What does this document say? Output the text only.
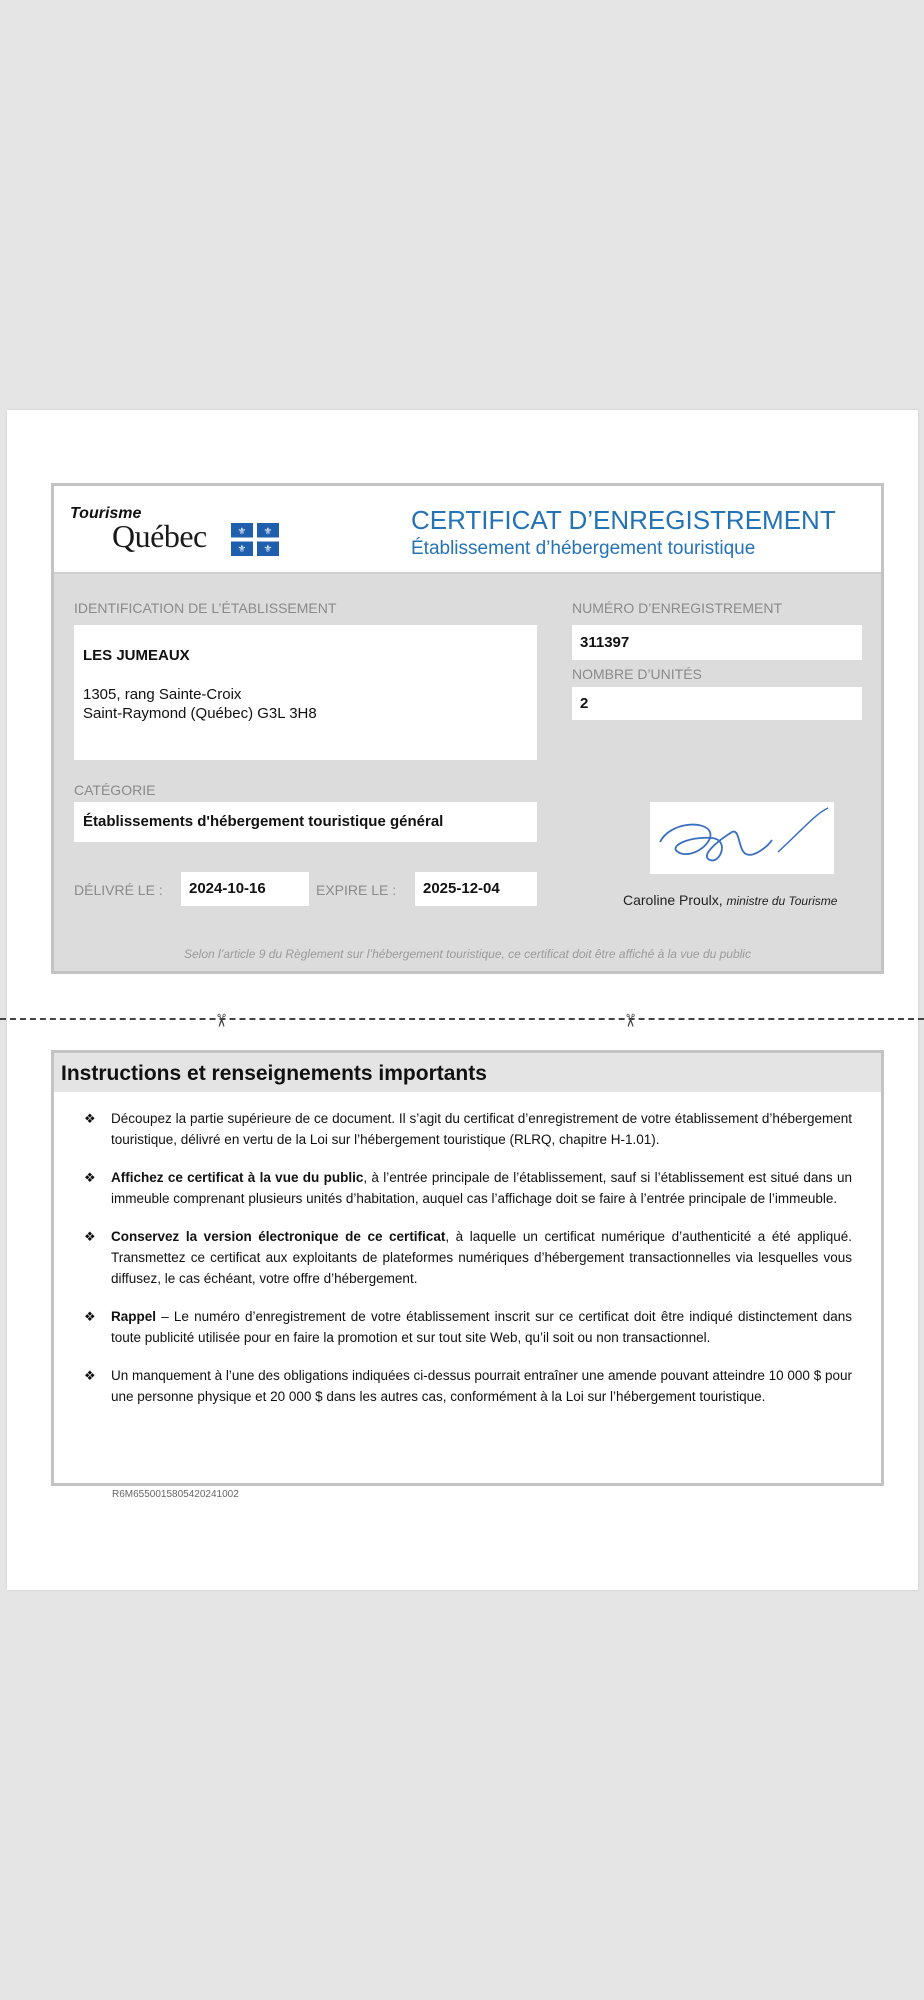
Tourisme
Québec	⚜ ⚜
⚜ ⚜
CERTIFICAT D’ENREGISTREMENT
Établissement d’hébergement touristique
IDENTIFICATION DE L’ÉTABLISSEMENT
LES JUMEAUX
1305, rang Sainte-Croix
Saint-Raymond (Québec) G3L 3H8
NUMÉRO D’ENREGISTREMENT
311397
NOMBRE D’UNITÉS
2
CATÉGORIE
Établissements d'hébergement touristique général
DÉLIVRÉ LE : 2024-10-16	EXPIRE LE : 2025-12-04
Caroline Proulx, ministre du Tourisme
Selon l’article 9 du Règlement sur l’hébergement touristique, ce certificat doit être affiché à la vue du public
Instructions et renseignements importants
❖ Découpez la partie supérieure de ce document. Il s’agit du certificat d’enregistrement de votre établissement d’hébergement touristique, délivré en vertu de la Loi sur l’hébergement touristique (RLRQ, chapitre H-1.01).
❖ Affichez ce certificat à la vue du public, à l’entrée principale de l’établissement, sauf si l’établissement est situé dans un immeuble comprenant plusieurs unités d’habitation, auquel cas l’affichage doit se faire à l’entrée principale de l’immeuble.
❖ Conservez la version électronique de ce certificat, à laquelle un certificat numérique d’authenticité a été appliqué. Transmettez ce certificat aux exploitants de plateformes numériques d’hébergement transactionnelles via lesquelles vous diffusez, le cas échéant, votre offre d’hébergement.
❖ Rappel – Le numéro d’enregistrement de votre établissement inscrit sur ce certificat doit être indiqué distinctement dans toute publicité utilisée pour en faire la promotion et sur tout site Web, qu’il soit ou non transactionnel.
❖ Un manquement à l’une des obligations indiquées ci-dessus pourrait entraîner une amende pouvant atteindre 10 000 $ pour une personne physique et 20 000 $ dans les autres cas, conformément à la Loi sur l’hébergement touristique.
R6M6550015805420241002
✂	✂
